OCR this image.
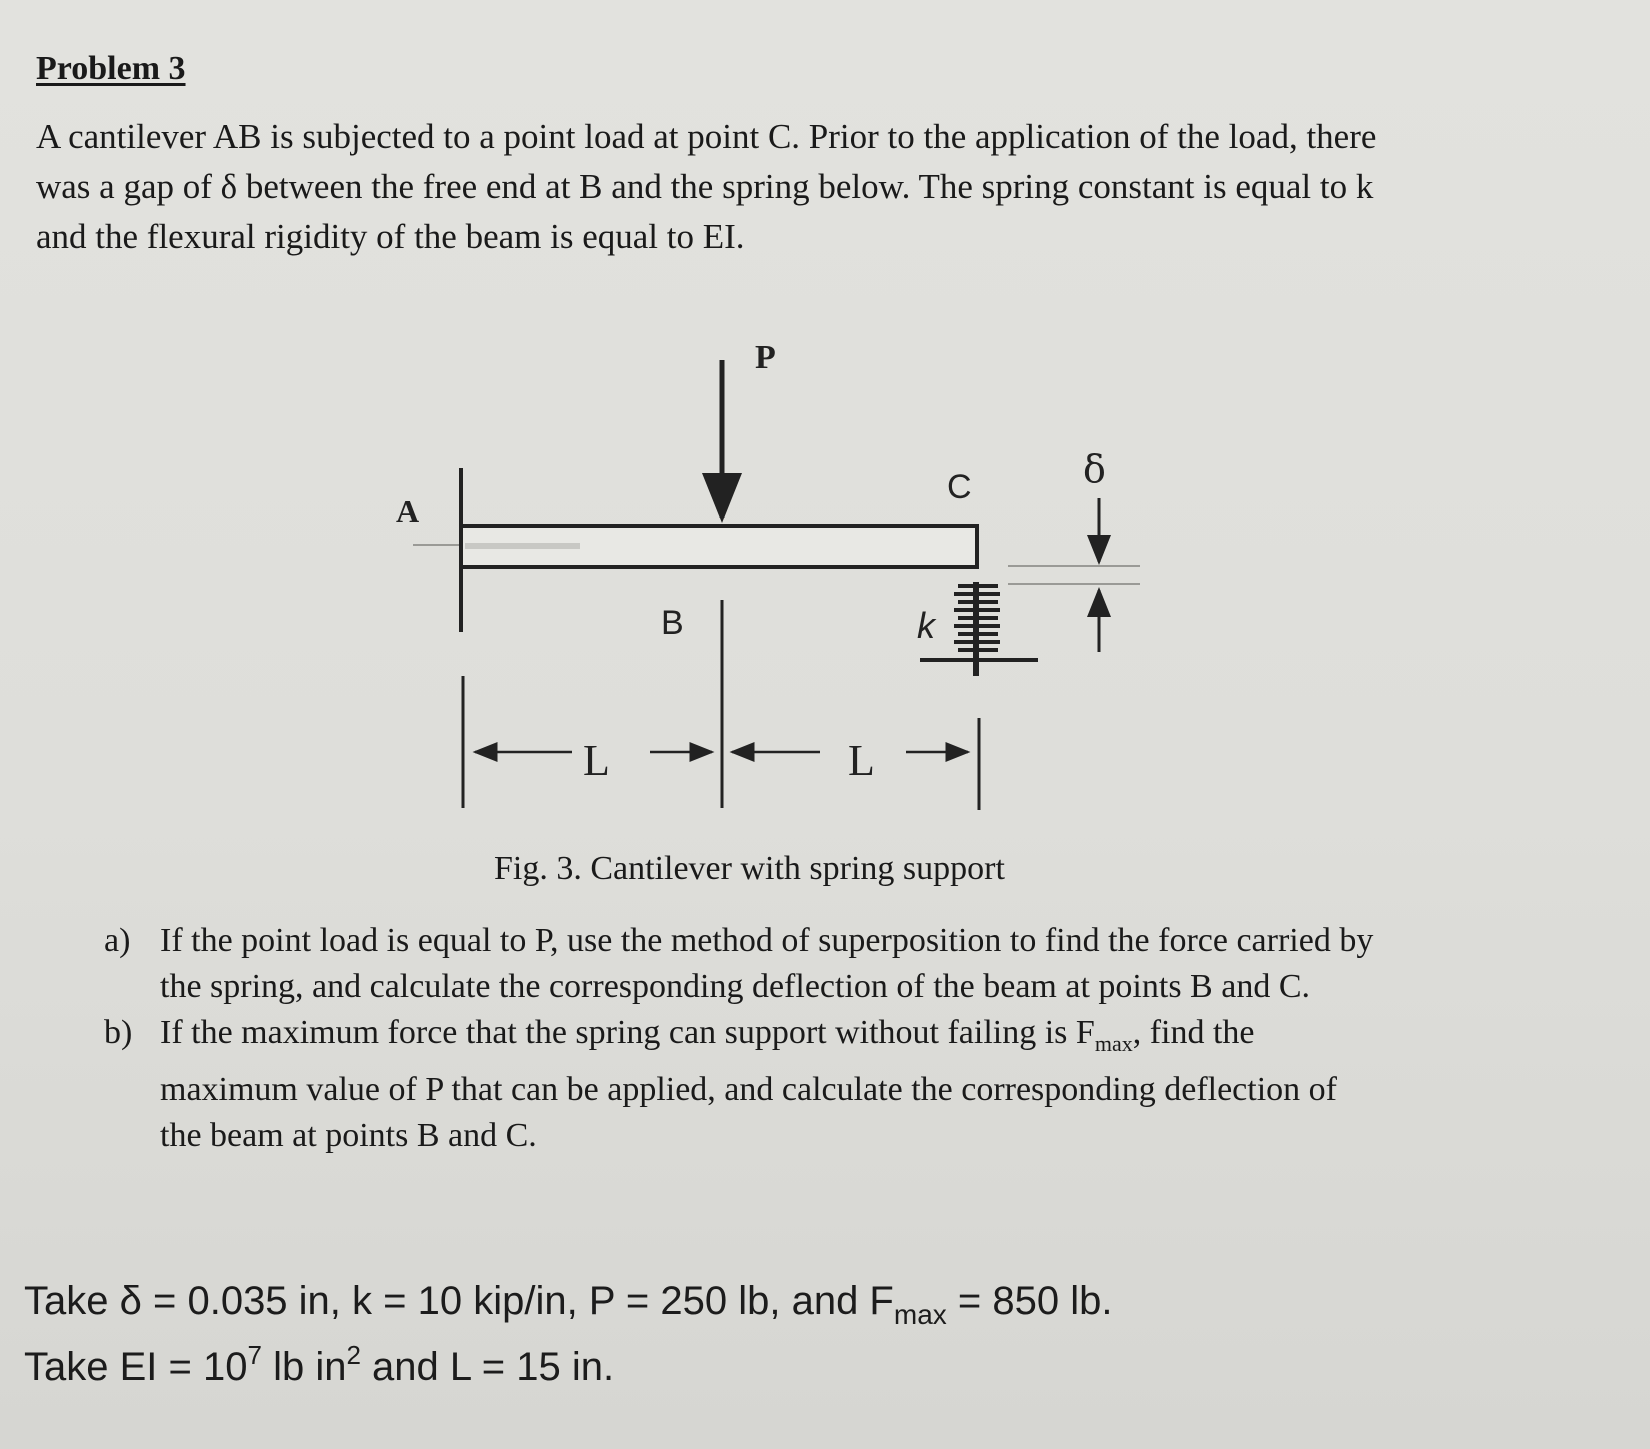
Problem 3
A cantilever AB is subjected to a point load at point C. Prior to the application of the load, there
was a gap of δ between the free end at B and the spring below. The spring constant is equal to k
and the flexural rigidity of the beam is equal to EI.
P
A
B
C
L	L
k
δ
Fig. 3. Cantilever with spring support
a) If the point load is equal to P, use the method of superposition to find the force carried by
the spring, and calculate the corresponding deflection of the beam at points B and C.
b) If the maximum force that the spring can support without failing is $F_{max}$, find the
maximum value of P that can be applied, and calculate the corresponding deflection of
the beam at points B and C.
Take δ = 0.035 in, k = 10 kip/in, P = 250 lb, and $F_{max} = 850$ lb.
Take EI = $10^7$ lb $in^2$ and L = 15 in.
